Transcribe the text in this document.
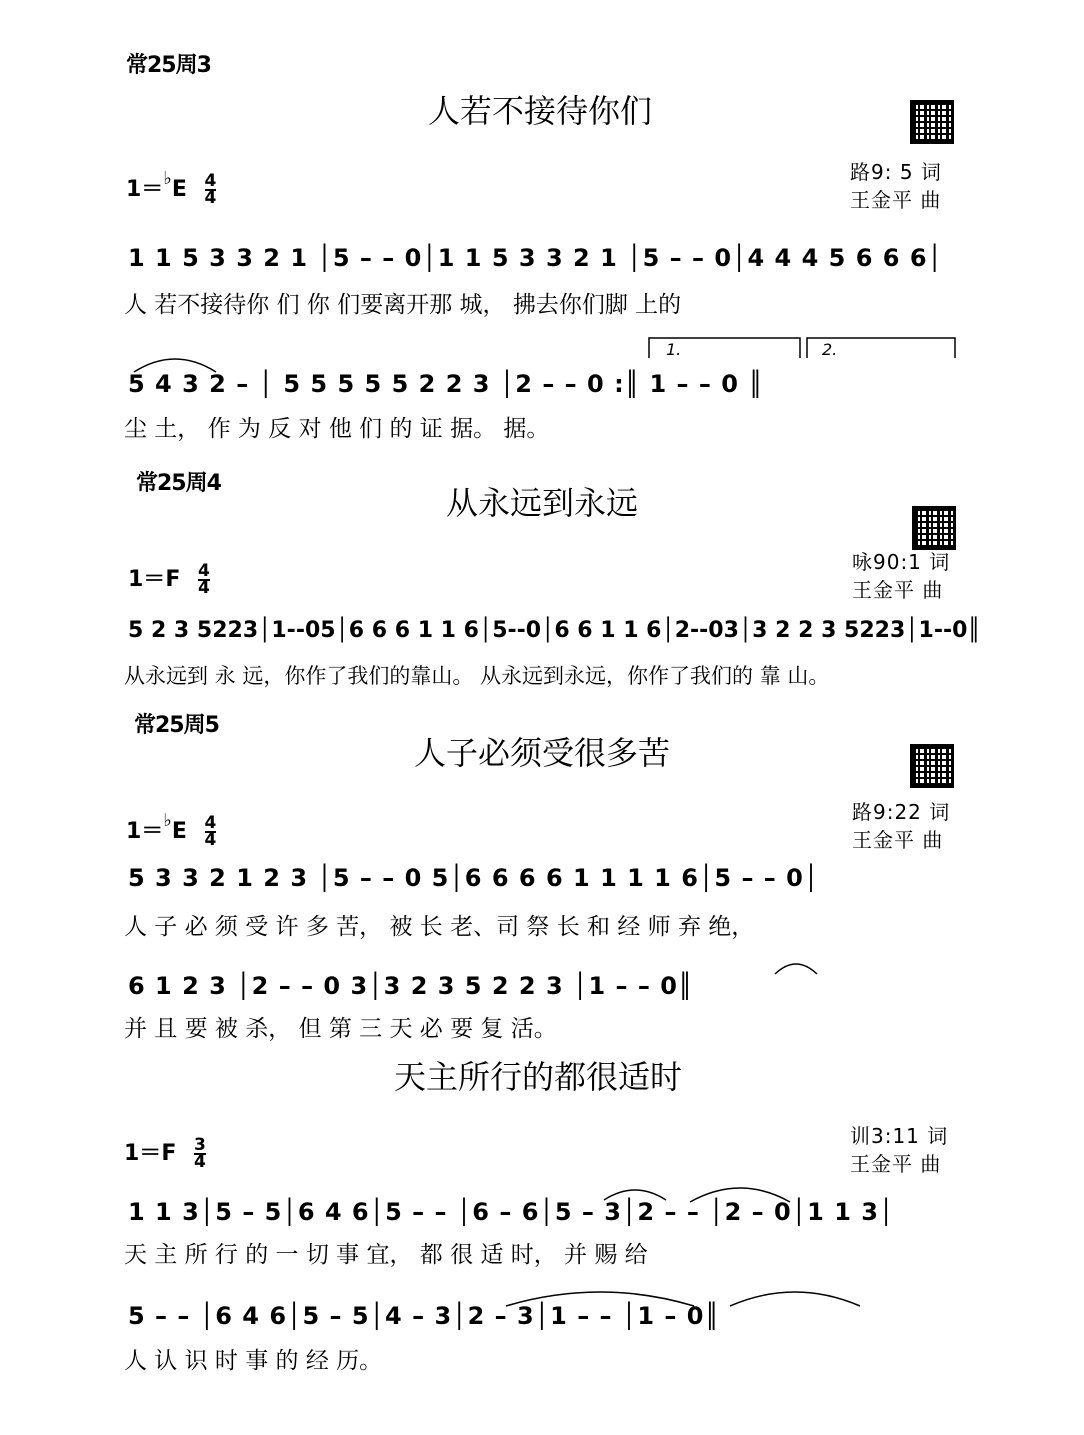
常25周3
人若不接待你们
$1=^♭E \frac{4}{4}$
路9: 5 词
王金平 曲
1 1 5 3 3 2 1 │5 – – 0│1 1 5 3 3 2 1 │5 – – 0│4 4 4 5 6 6 6│
人 若不接待你 们 你 们要离开那 城， 拂去你们脚 上的
1.	2.
5 4 3 2 – │ 5 5 5 5 5 2 2 3 │2 – – 0 :║ 1 – – 0 ║
尘 土， 作 为 反 对 他 们 的 证 据。 据。
常25周4
从永远到永远
$1=F \frac{4}{4}$
咏90:1 词
王金平 曲
5 2 3 5223│1--05│6 6 6 1 1 6│5--0│6 6 1 1 6│2--03│3 2 2 3 5223│1--0║
从永远到 永 远，你作了我们的靠山。 从永远到永远，你作了我们的 靠 山。
常25周5
人子必须受很多苦
$1=^♭E \frac{4}{4}$
路9:22 词
王金平 曲
5 3 3 2 1 2 3 │5 – – 0 5│6 6 6 6 1 1 1 1 6│5 – – 0│
人 子 必 须 受 许 多 苦， 被 长 老、司 祭 长 和 经 师 弃 绝，
6 1 2 3 │2 – – 0 3│3 2 3 5 2 2 3 │1 – – 0║
并 且 要 被 杀， 但 第 三 天 必 要 复 活。
天主所行的都很适时
$1=F \frac{3}{4}$
训3:11 词
王金平 曲
1 1 3│5 – 5│6 4 6│5 – – │6 – 6│5 – 3│2 – – │2 – 0│1 1 3│
天 主 所 行 的 一 切 事 宜， 都 很 适 时， 并 赐 给
5 – – │6 4 6│5 – 5│4 – 3│2 – 3│1 – – │1 – 0║
人 认 识 时 事 的 经 历。
